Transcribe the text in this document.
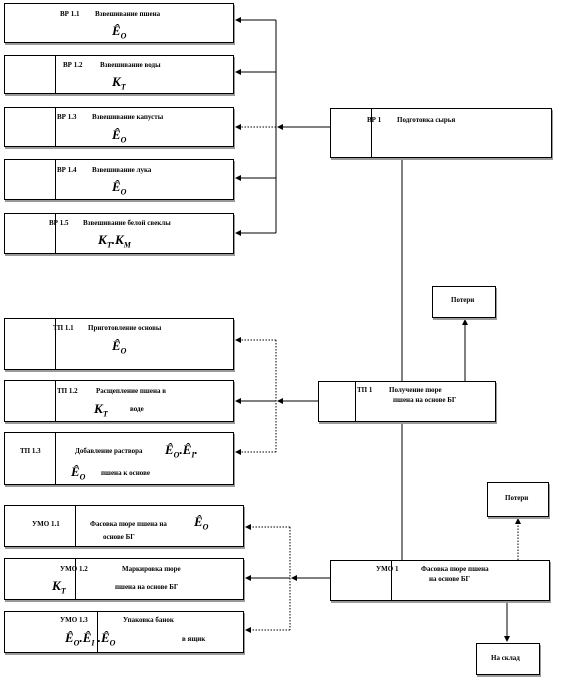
ВР 1.1 Взвешивание пшена
$Ê_О$
ВР 1.2	Взвешивание воды
$К_Т$
ВР 1.3 Взвешивание капусты
$Ê_О$
ВР 1.4 Взвешивание лука
$Ê_О$
ВР 1.5 Взвешивание белой свеклы
$К_Т.К_М$
ВР 1 Подготовка сырья
ТП 1.1 Приготовление основы
$Ê_О$
ТП 1.2	Расщепление пшена в
$К_Т$
воде
ТП 1.3	Добавление раствора $Ê_О.Ê_I$.
$Ê_О$ пшена к основе
ТП 1 Получение пюре
пшена на основе БГ
Потери
УМО 1.1	Фасовка пюре пшена на
основе БГ
$Ê_О$
УМО 1.2
$К_Т$
Маркировка пюре
пшена на основе БГ
УМО 1.3	Упаковка банок
$Ê_О.Ê_I$ $.Ê_О$	в ящик
УМО 1	Фасовка пюре пшена
на основе БГ
Потери
На склад
